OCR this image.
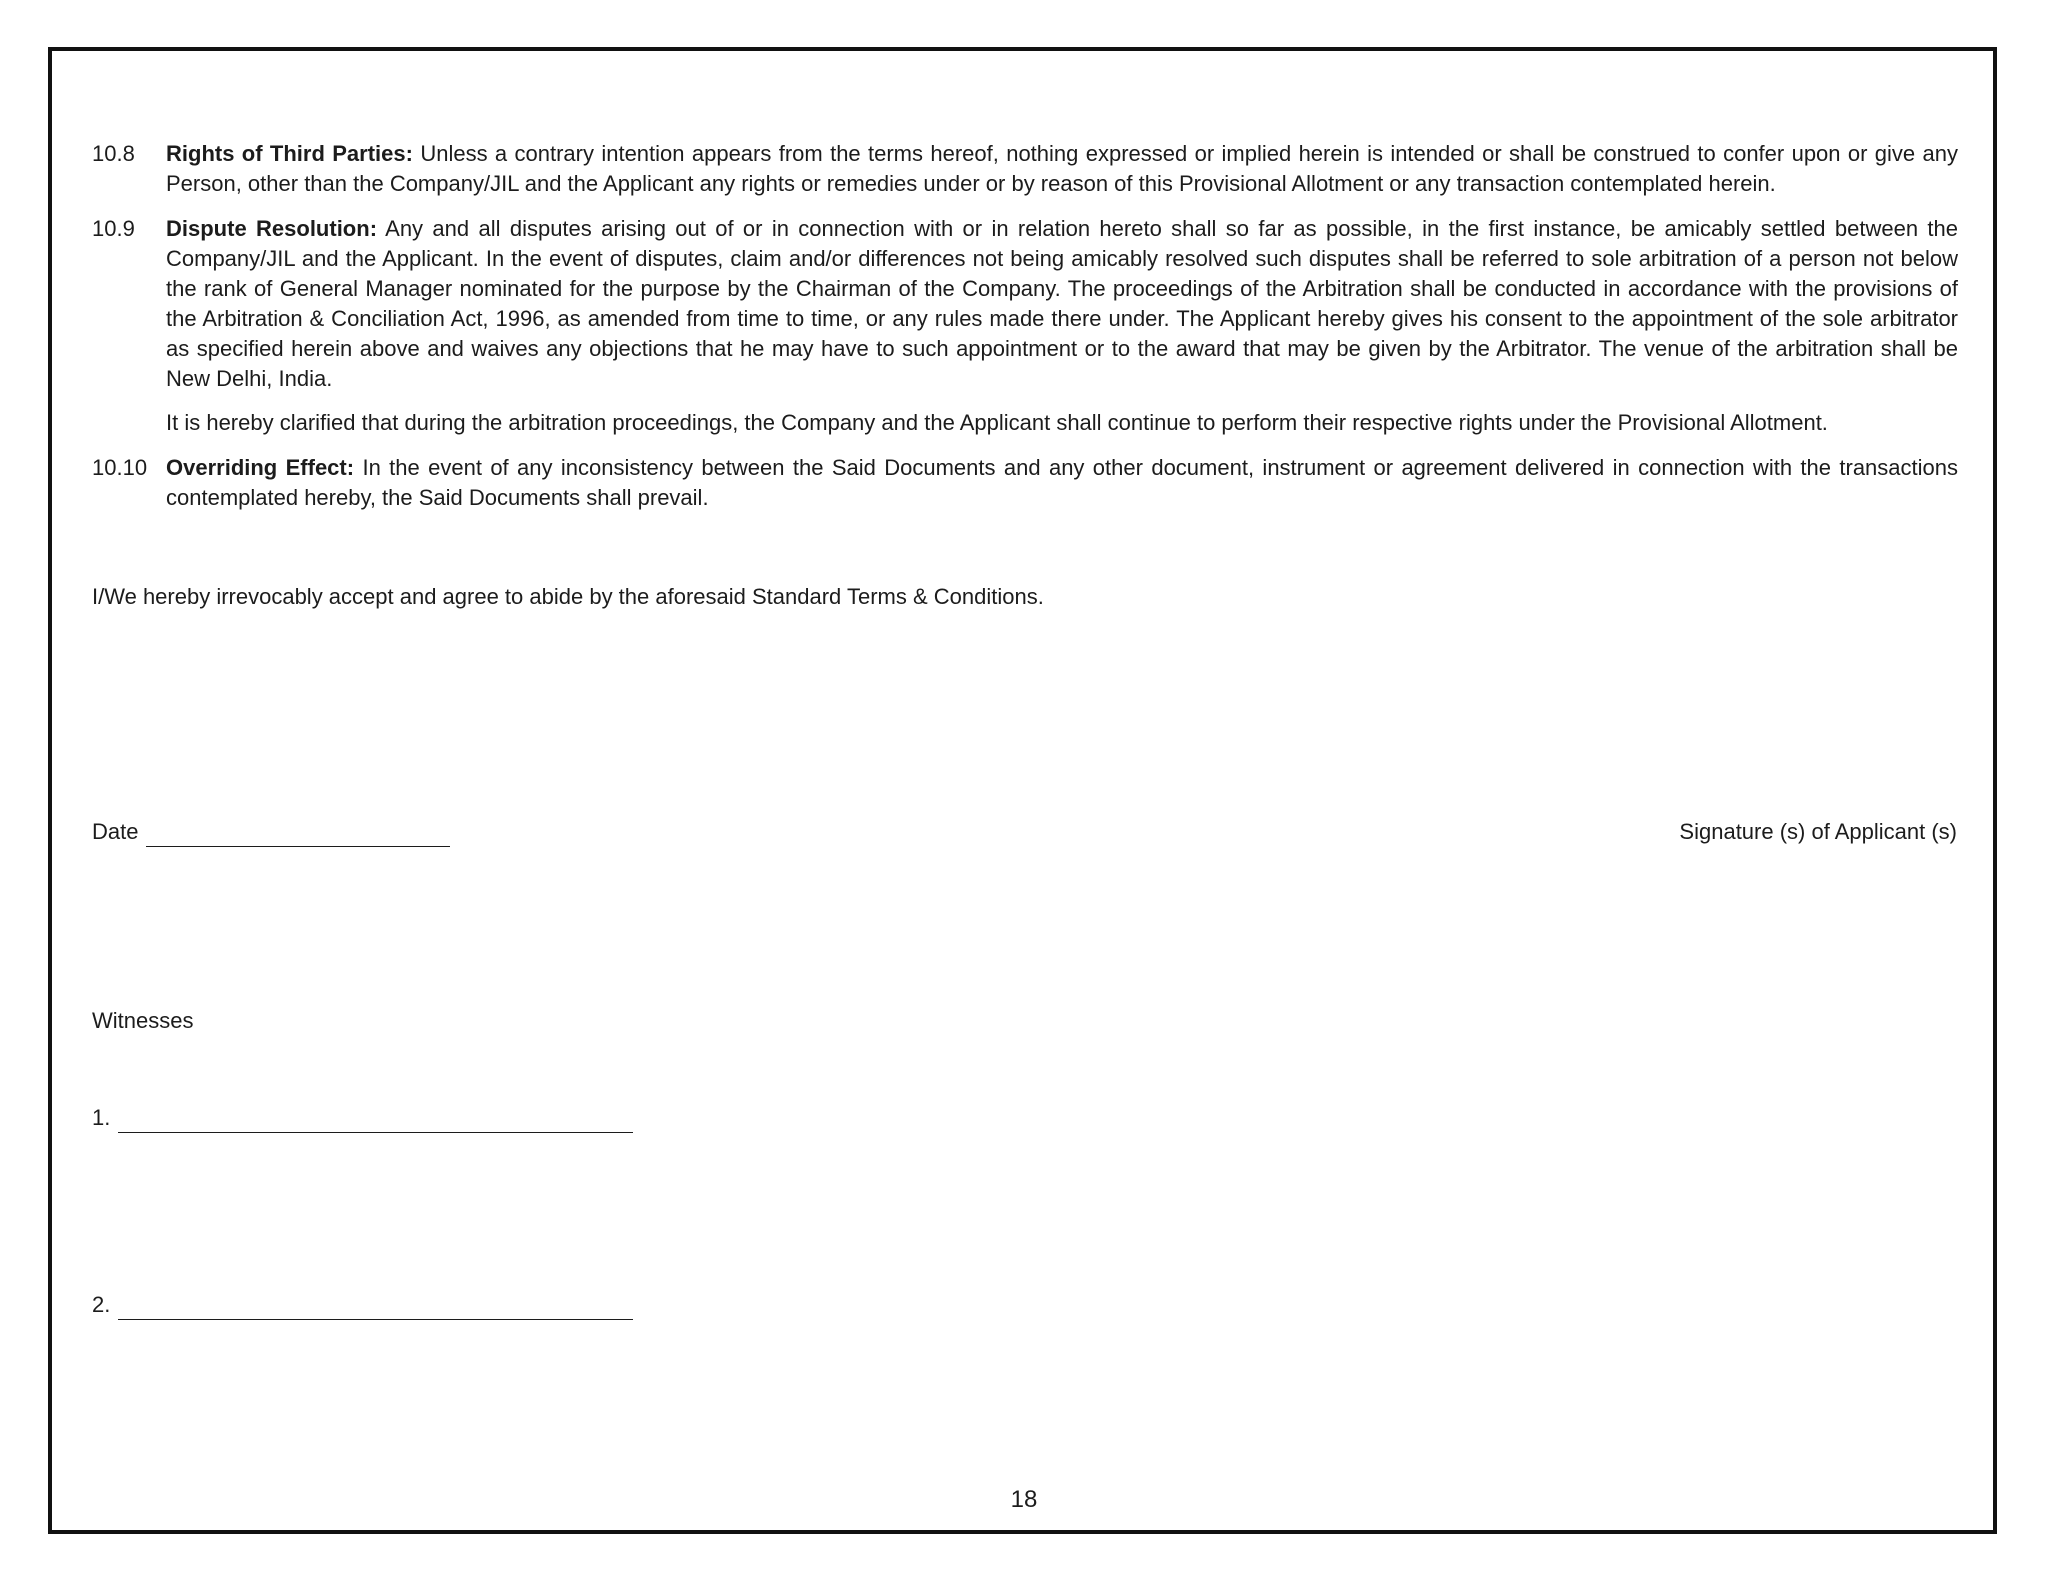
10.8	Rights of Third Parties: Unless a contrary intention appears from the terms hereof, nothing expressed or implied herein is intended or shall be construed to confer upon or give any Person, other than the Company/JIL and the Applicant any rights or remedies under or by reason of this Provisional Allotment or any transaction contemplated herein.
10.9	Dispute Resolution: Any and all disputes arising out of or in connection with or in relation hereto shall so far as possible, in the first instance, be amicably settled between the Company/JIL and the Applicant. In the event of disputes, claim and/or differences not being amicably resolved such disputes shall be referred to sole arbitration of a person not below the rank of General Manager nominated for the purpose by the Chairman of the Company. The proceedings of the Arbitration shall be conducted in accordance with the provisions of the Arbitration & Conciliation Act, 1996, as amended from time to time, or any rules made there under. The Applicant hereby gives his consent to the appointment of the sole arbitrator as specified herein above and waives any objections that he may have to such appointment or to the award that may be given by the Arbitrator. The venue of the arbitration shall be New Delhi, India.
It is hereby clarified that during the arbitration proceedings, the Company and the Applicant shall continue to perform their respective rights under the Provisional Allotment.
10.10 Overriding Effect: In the event of any inconsistency between the Said Documents and any other document, instrument or agreement delivered in connection with the transactions contemplated hereby, the Said Documents shall prevail.
I/We hereby irrevocably accept and agree to abide by the aforesaid Standard Terms & Conditions.
Date	Signature (s) of Applicant (s)
Witnesses
1.
2.
18
